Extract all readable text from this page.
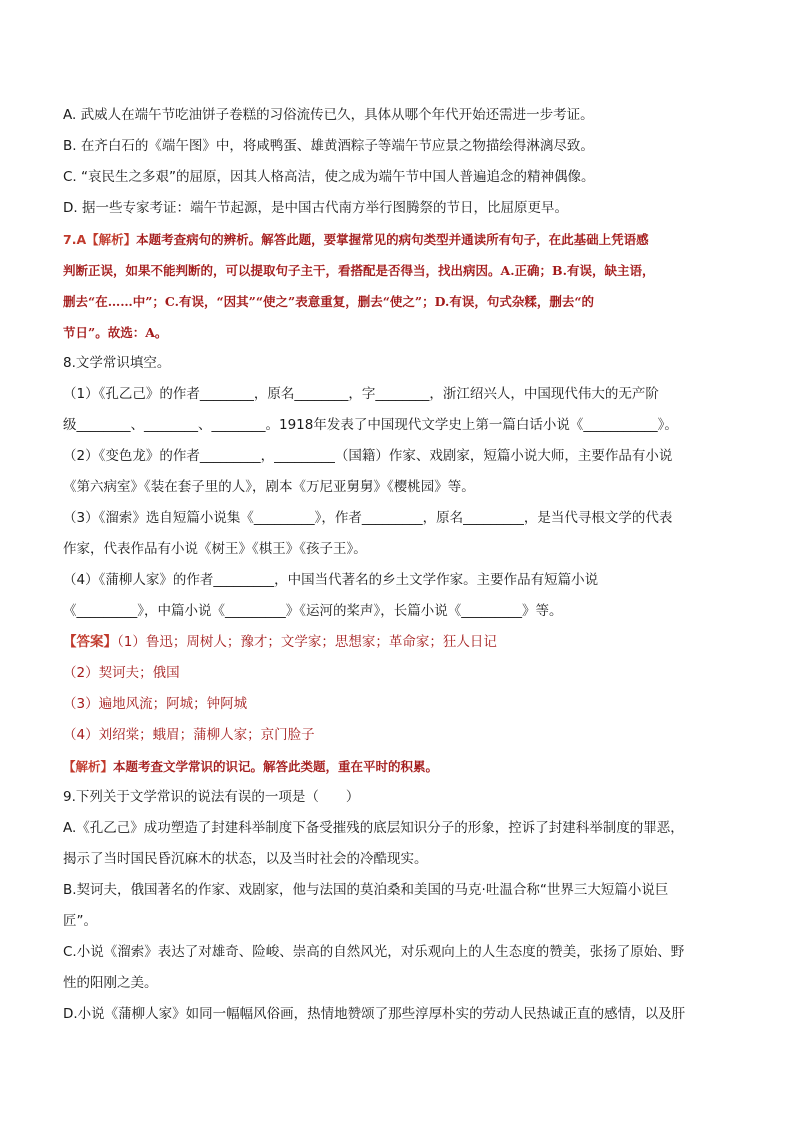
A. 武威人在端午节吃油饼子卷糕的习俗流传已久，具体从哪个年代开始还需进一步考证。
B. 在齐白石的《端午图》中，将咸鸭蛋、雄黄酒粽子等端午节应景之物描绘得淋漓尽致。
C. “哀民生之多艰”的屈原，因其人格高洁，使之成为端午节中国人普遍追念的精神偶像。
D. 据一些专家考证：端午节起源，是中国古代南方举行图腾祭的节日，比屈原更早。
7.A【解析】本题考查病句的辨析。解答此题，要掌握常见的病句类型并通读所有句子，在此基础上凭语感
判断正误，如果不能判断的，可以提取句子主干，看搭配是否得当，找出病因。A.正确；B.有误，缺主语，
删去“在……中”；C.有误，“因其”“使之”表意重复，删去“使之”；D.有误，句式杂糅，删去“的
节日”。故选：A。
8.文学常识填空。
（1）《孔乙己》的作者________，原名________，字________，浙江绍兴人，中国现代伟大的无产阶
级________、________、________。1918年发表了中国现代文学史上第一篇白话小说《___________》。
（2）《变色龙》的作者_________，_________（国籍）作家、戏剧家，短篇小说大师，主要作品有小说
《第六病室》《装在套子里的人》，剧本《万尼亚舅舅》《樱桃园》等。
（3）《溜索》选自短篇小说集《_________》，作者_________，原名_________，是当代寻根文学的代表
作家，代表作品有小说《树王》《棋王》《孩子王》。
（4）《蒲柳人家》的作者_________，中国当代著名的乡土文学作家。主要作品有短篇小说
《_________》，中篇小说《_________》《运河的桨声》，长篇小说《_________》等。
【答案】（1）鲁迅；周树人；豫才；文学家；思想家；革命家；狂人日记
（2）契诃夫；俄国
（3）遍地风流；阿城；钟阿城
（4）刘绍棠；蛾眉；蒲柳人家；京门脸子
【解析】本题考查文学常识的识记。解答此类题，重在平时的积累。
9.下列关于文学常识的说法有误的一项是（　　）
A.《孔乙己》成功塑造了封建科举制度下备受摧残的底层知识分子的形象，控诉了封建科举制度的罪恶，
揭示了当时国民昏沉麻木的状态，以及当时社会的冷酷现实。
B.契诃夫，俄国著名的作家、戏剧家，他与法国的莫泊桑和美国的马克·吐温合称“世界三大短篇小说巨
匠”。
C.小说《溜索》表达了对雄奇、险峻、崇高的自然风光，对乐观向上的人生态度的赞美，张扬了原始、野
性的阳刚之美。
D.小说《蒲柳人家》如同一幅幅风俗画，热情地赞颂了那些淳厚朴实的劳动人民热诚正直的感情，以及肝
